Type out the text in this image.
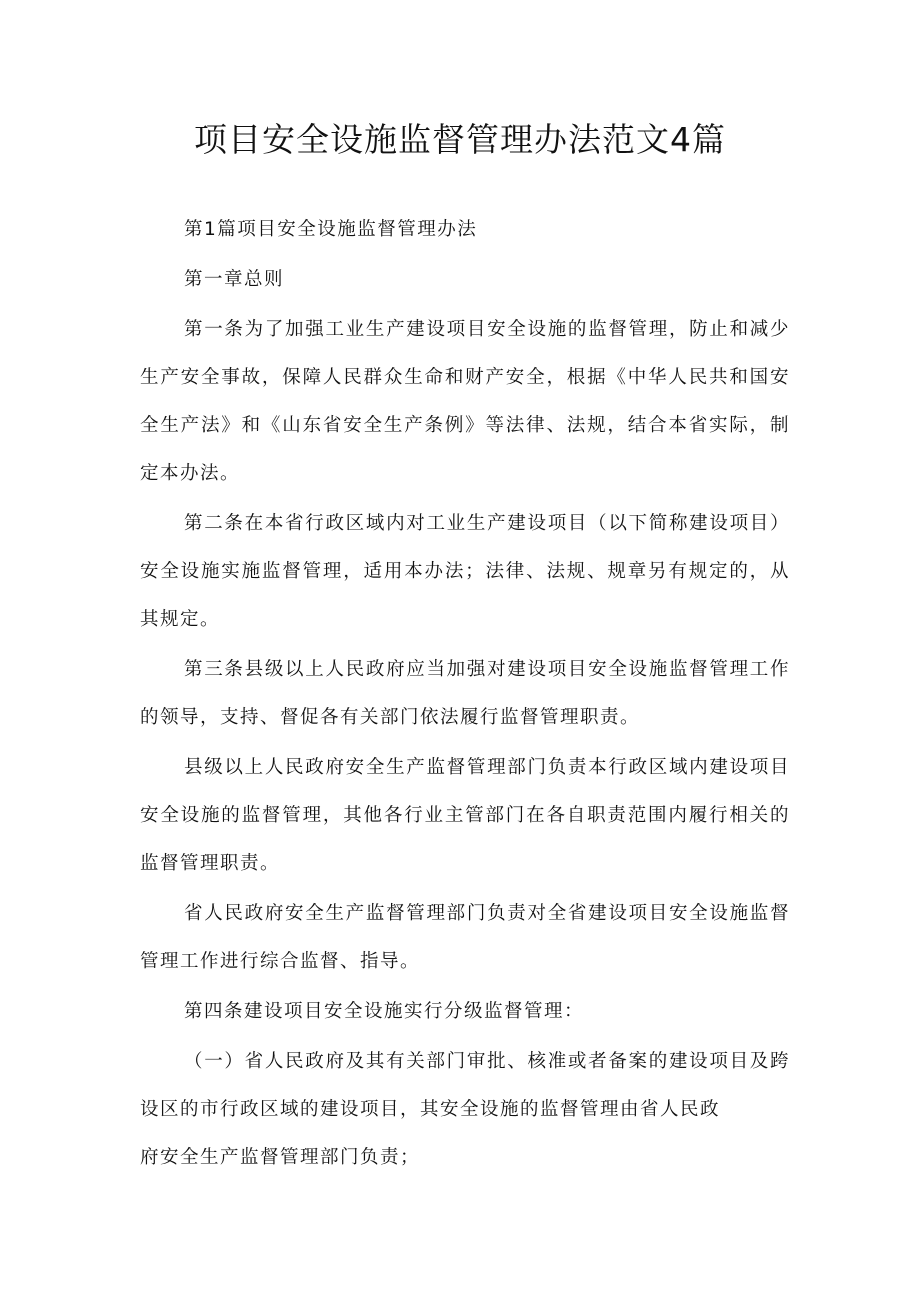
项目安全设施监督管理办法范文4篇

第1篇项目安全设施监督管理办法

第一章总则

第一条为了加强工业生产建设项目安全设施的监督管理，防止和减少生产安全事故，保障人民群众生命和财产安全，根据《中华人民共和国安全生产法》和《山东省安全生产条例》等法律、法规，结合本省实际，制定本办法。

第二条在本省行政区域内对工业生产建设项目（以下简称建设项目）安全设施实施监督管理，适用本办法；法律、法规、规章另有规定的，从其规定。

第三条县级以上人民政府应当加强对建设项目安全设施监督管理工作的领导，支持、督促各有关部门依法履行监督管理职责。

县级以上人民政府安全生产监督管理部门负责本行政区域内建设项目安全设施的监督管理，其他各行业主管部门在各自职责范围内履行相关的监督管理职责。

省人民政府安全生产监督管理部门负责对全省建设项目安全设施监督管理工作进行综合监督、指导。

第四条建设项目安全设施实行分级监督管理：

（一）省人民政府及其有关部门审批、核准或者备案的建设项目及跨设区的市行政区域的建设项目，其安全设施的监督管理由省人民政

府安全生产监督管理部门负责；
